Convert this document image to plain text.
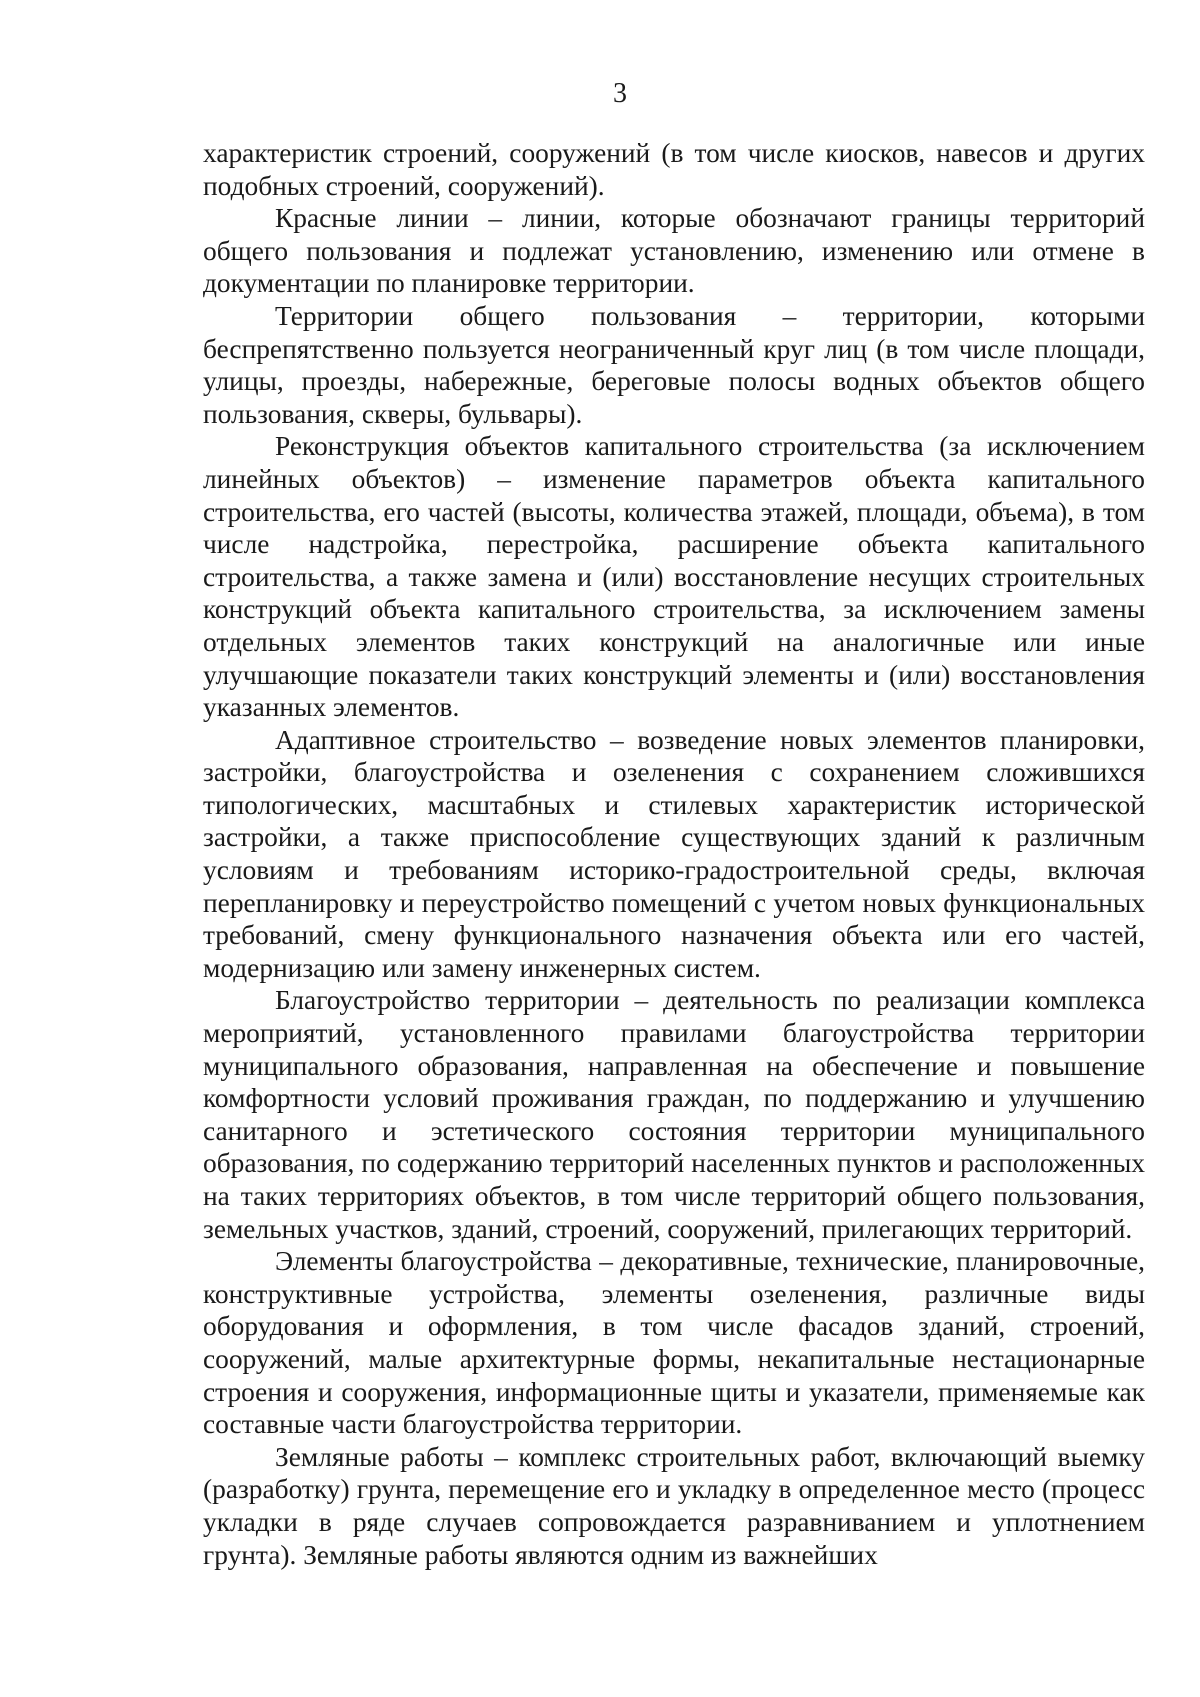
3

характеристик строений, сооружений (в том числе киосков, навесов и других подобных строений, сооружений).

Красные линии – линии, которые обозначают границы территорий общего пользования и подлежат установлению, изменению или отмене в документации по планировке территории.

Территории общего пользования – территории, которыми беспрепятственно пользуется неограниченный круг лиц (в том числе площади, улицы, проезды, набережные, береговые полосы водных объектов общего пользования, скверы, бульвары).

Реконструкция объектов капитального строительства (за исключением линейных объектов) – изменение параметров объекта капитального строительства, его частей (высоты, количества этажей, площади, объема), в том числе надстройка, перестройка, расширение объекта капитального строительства, а также замена и (или) восстановление несущих строительных конструкций объекта капитального строительства, за исключением замены отдельных элементов таких конструкций на аналогичные или иные улучшающие показатели таких конструкций элементы и (или) восстановления указанных элементов.

Адаптивное строительство – возведение новых элементов планировки, застройки, благоустройства и озеленения с сохранением сложившихся типологических, масштабных и стилевых характеристик исторической застройки, а также приспособление существующих зданий к различным условиям и требованиям историко-градостроительной среды, включая перепланировку и переустройство помещений с учетом новых функциональных требований, смену функционального назначения объекта или его частей, модернизацию или замену инженерных систем.

Благоустройство территории – деятельность по реализации комплекса мероприятий, установленного правилами благоустройства территории муниципального образования, направленная на обеспечение и повышение комфортности условий проживания граждан, по поддержанию и улучшению санитарного и эстетического состояния территории муниципального образования, по содержанию территорий населенных пунктов и расположенных на таких территориях объектов, в том числе территорий общего пользования, земельных участков, зданий, строений, сооружений, прилегающих территорий.

Элементы благоустройства – декоративные, технические, планировочные, конструктивные устройства, элементы озеленения, различные виды оборудования и оформления, в том числе фасадов зданий, строений, сооружений, малые архитектурные формы, некапитальные нестационарные строения и сооружения, информационные щиты и указатели, применяемые как составные части благоустройства территории.

Земляные работы – комплекс строительных работ, включающий выемку (разработку) грунта, перемещение его и укладку в определенное место (процесс укладки в ряде случаев сопровождается разравниванием и уплотнением грунта). Земляные работы являются одним из важнейших
